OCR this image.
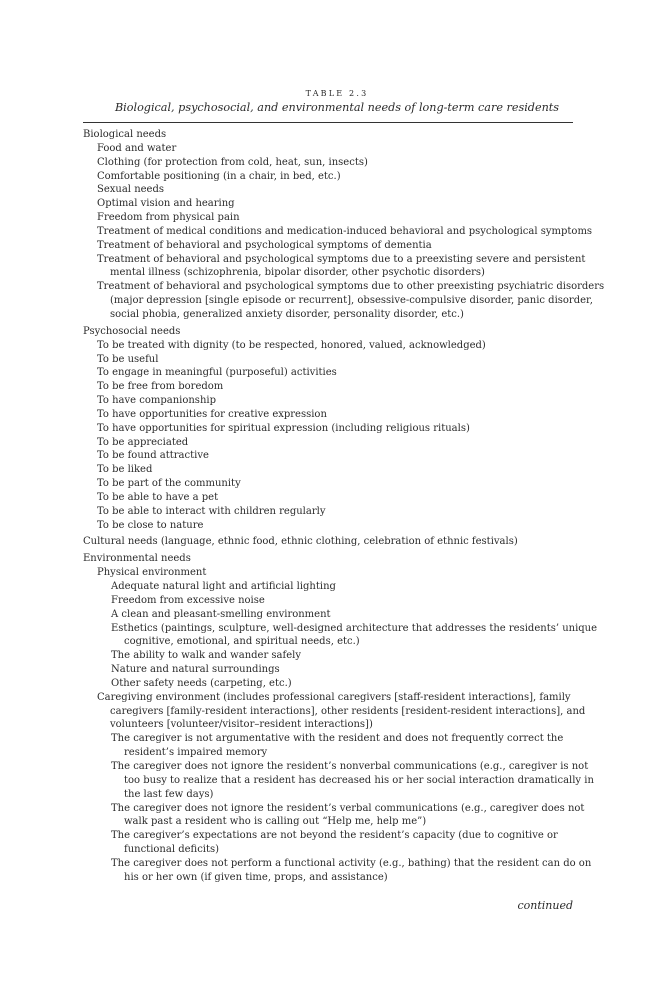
TABLE 2.3
Biological, psychosocial, and environmental needs of long-term care residents
Biological needs
Food and water
Clothing (for protection from cold, heat, sun, insects)
Comfortable positioning (in a chair, in bed, etc.)
Sexual needs
Optimal vision and hearing
Freedom from physical pain
Treatment of medical conditions and medication-induced behavioral and psychological symptoms
Treatment of behavioral and psychological symptoms of dementia
Treatment of behavioral and psychological symptoms due to a preexisting severe and persistent
mental illness (schizophrenia, bipolar disorder, other psychotic disorders)
Treatment of behavioral and psychological symptoms due to other preexisting psychiatric disorders
(major depression [single episode or recurrent], obsessive-compulsive disorder, panic disorder,
social phobia, generalized anxiety disorder, personality disorder, etc.)
Psychosocial needs
To be treated with dignity (to be respected, honored, valued, acknowledged)
To be useful
To engage in meaningful (purposeful) activities
To be free from boredom
To have companionship
To have opportunities for creative expression
To have opportunities for spiritual expression (including religious rituals)
To be appreciated
To be found attractive
To be liked
To be part of the community
To be able to have a pet
To be able to interact with children regularly
To be close to nature
Cultural needs (language, ethnic food, ethnic clothing, celebration of ethnic festivals)
Environmental needs
Physical environment
Adequate natural light and artificial lighting
Freedom from excessive noise
A clean and pleasant-smelling environment
Esthetics (paintings, sculpture, well-designed architecture that addresses the residents’ unique
cognitive, emotional, and spiritual needs, etc.)
The ability to walk and wander safely
Nature and natural surroundings
Other safety needs (carpeting, etc.)
Caregiving environment (includes professional caregivers [staff-resident interactions], family
caregivers [family-resident interactions], other residents [resident-resident interactions], and
volunteers [volunteer/visitor–resident interactions])
The caregiver is not argumentative with the resident and does not frequently correct the
resident’s impaired memory
The caregiver does not ignore the resident’s nonverbal communications (e.g., caregiver is not
too busy to realize that a resident has decreased his or her social interaction dramatically in
the last few days)
The caregiver does not ignore the resident’s verbal communications (e.g., caregiver does not
walk past a resident who is calling out “Help me, help me”)
The caregiver’s expectations are not beyond the resident’s capacity (due to cognitive or
functional deficits)
The caregiver does not perform a functional activity (e.g., bathing) that the resident can do on
his or her own (if given time, props, and assistance)
continued
